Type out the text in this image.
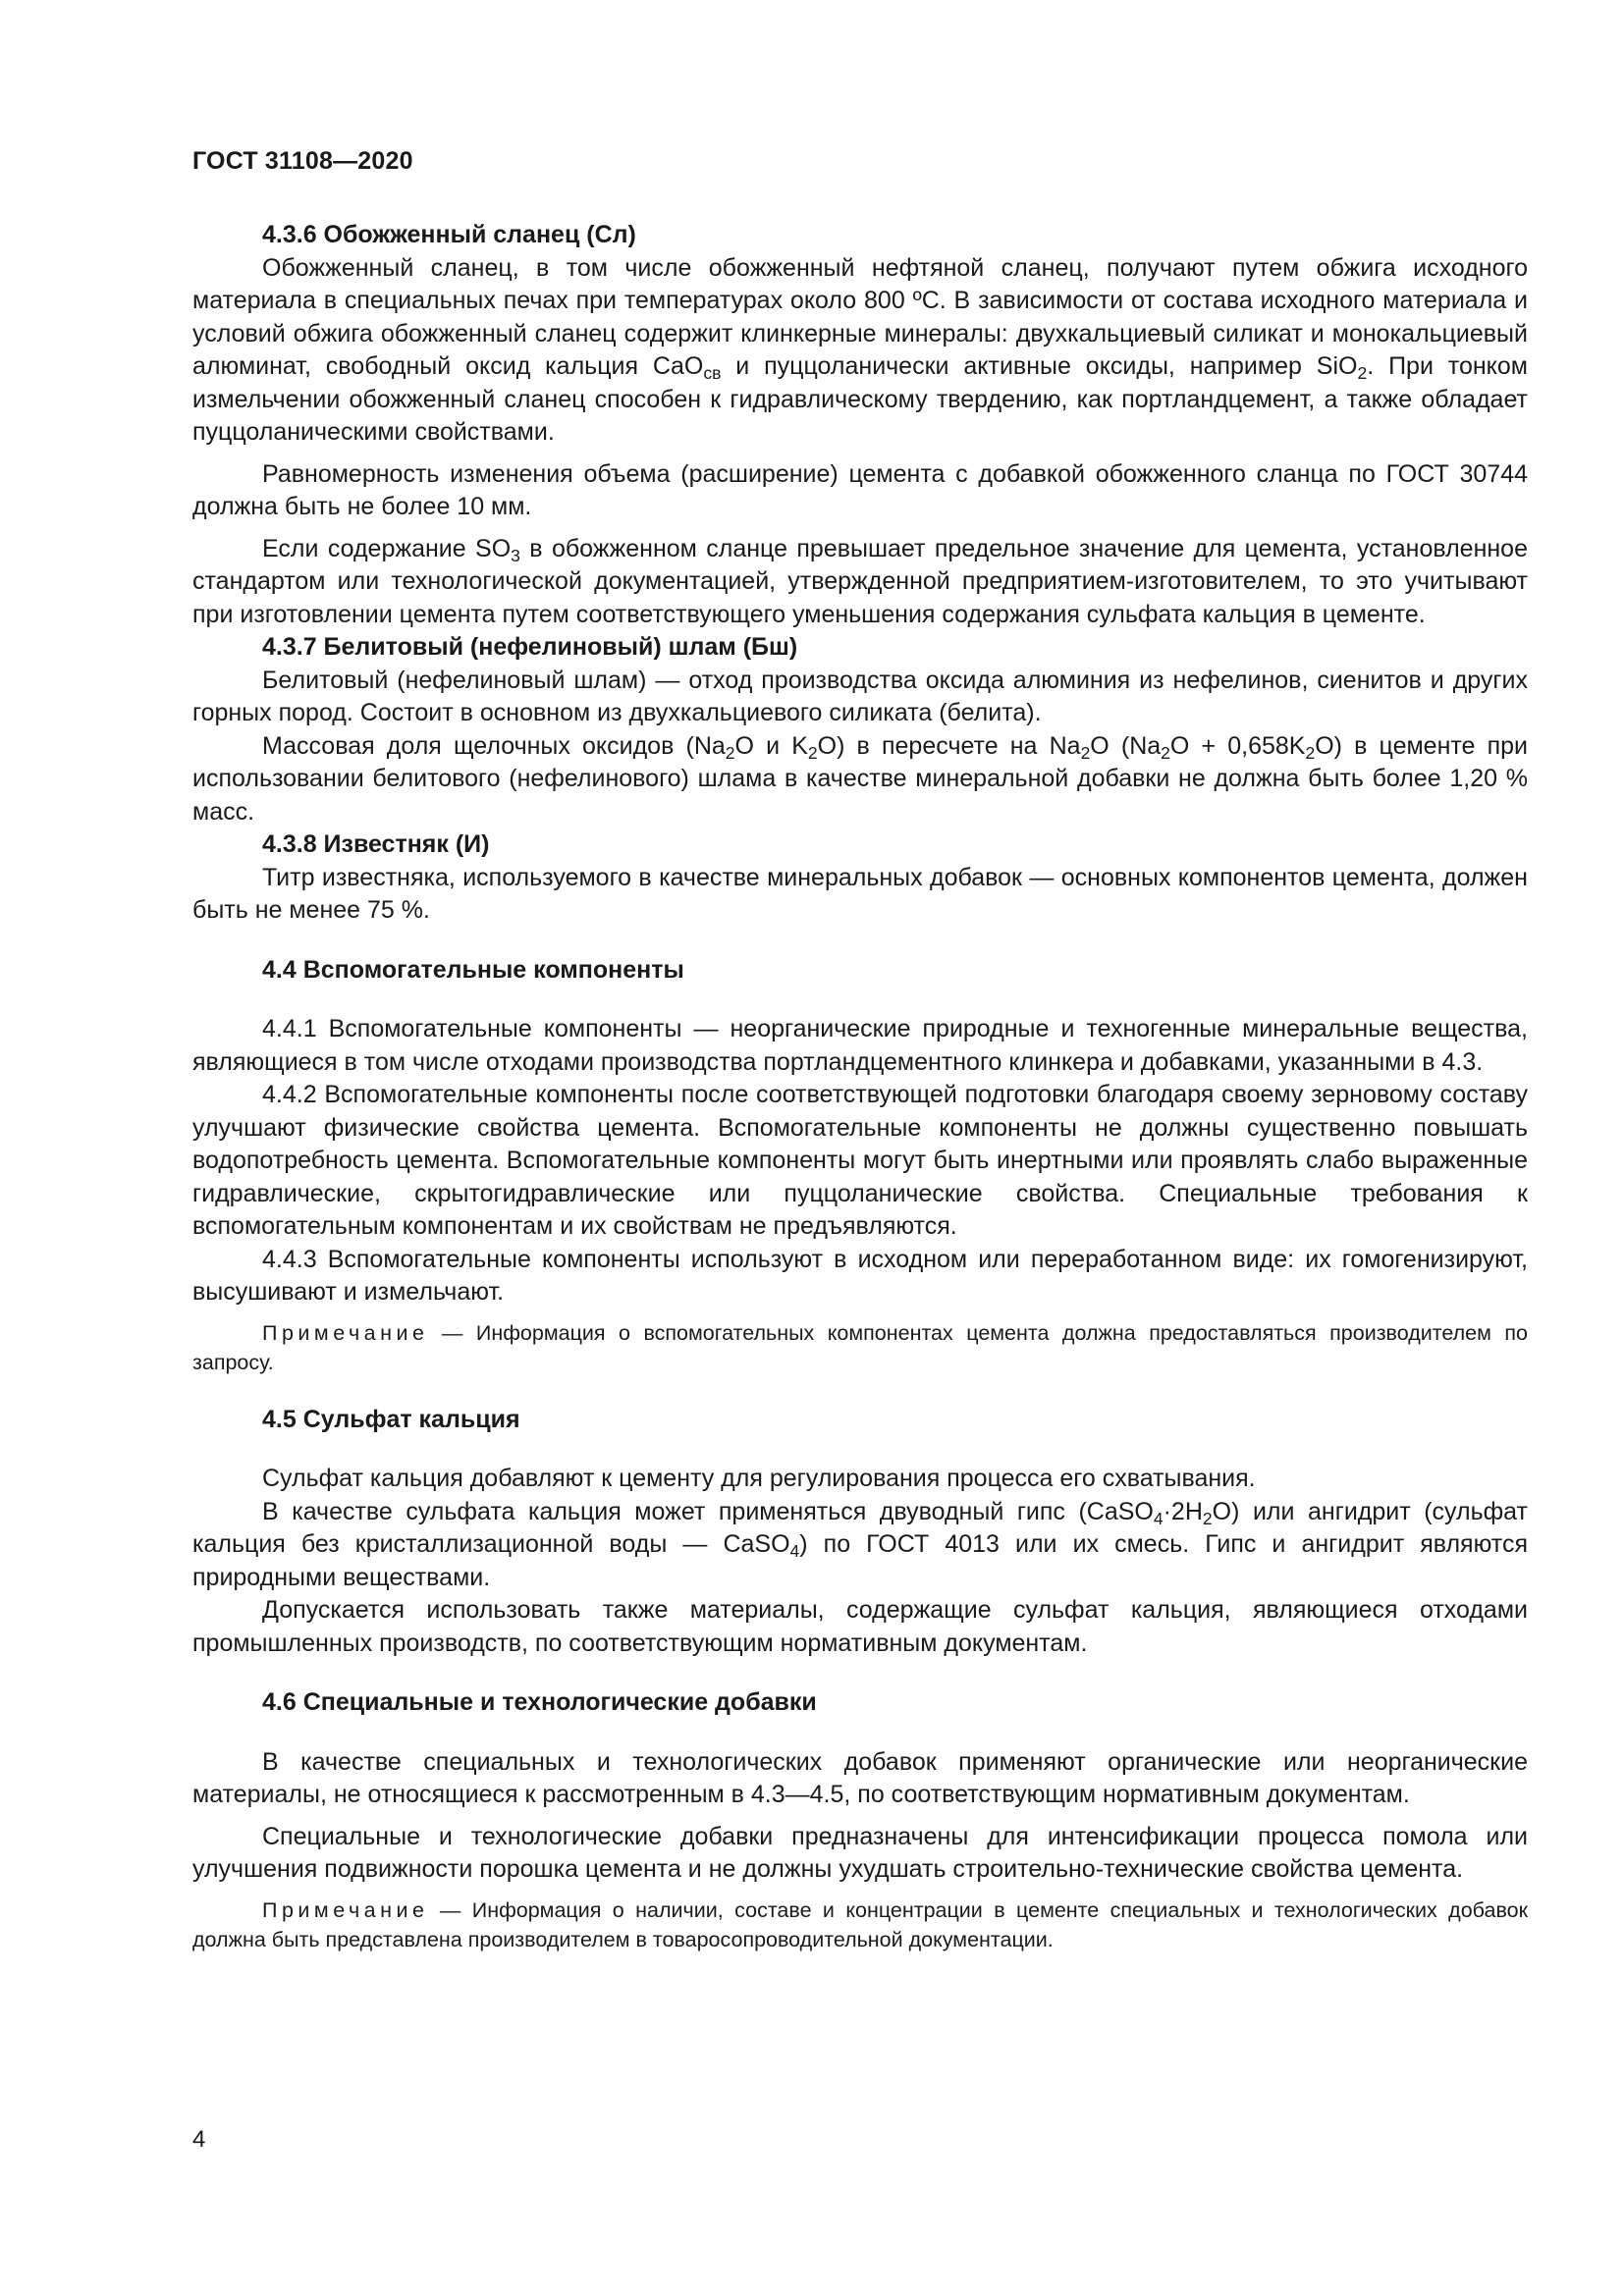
ГОСТ 31108—2020

4.3.6 Обожженный сланец (Сл)

Обожженный сланец, в том числе обожженный нефтяной сланец, получают путем обжига исходного материала в специальных печах при температурах около 800 ºС. В зависимости от состава исходного материала и условий обжига обожженный сланец содержит клинкерные минералы: двухкальциевый силикат и монокальциевый алюминат, свободный оксид кальция CaO$_{св}$ и пуццоланически активные оксиды, например SiO$_2$. При тонком измельчении обожженный сланец способен к гидравлическому твердению, как портландцемент, а также обладает пуццоланическими свойствами.

Равномерность изменения объема (расширение) цемента с добавкой обожженного сланца по ГОСТ 30744 должна быть не более 10 мм.

Если содержание $SO_3$ в обожженном сланце превышает предельное значение для цемента, установленное стандартом или технологической документацией, утвержденной предприятием-изготовителем, то это учитывают при изготовлении цемента путем соответствующего уменьшения содержания сульфата кальция в цементе.

4.3.7 Белитовый (нефелиновый) шлам (Бш)

Белитовый (нефелиновый шлам) — отход производства оксида алюминия из нефелинов, сиенитов и других горных пород. Состоит в основном из двухкальциевого силиката (белита).

Массовая доля щелочных оксидов ($Na_2O$ и $K_2O$) в пересчете на $Na_2O$ $(Na_2O + 0,658K_2O)$ в цементе при использовании белитового (нефелинового) шлама в качестве минеральной добавки не должна быть более 1,20 % масс.

4.3.8 Известняк (И)

Титр известняка, используемого в качестве минеральных добавок — основных компонентов цемента, должен быть не менее 75 %.

4.4 Вспомогательные компоненты

4.4.1 Вспомогательные компоненты — неорганические природные и техногенные минеральные вещества, являющиеся в том числе отходами производства портландцементного клинкера и добавками, указанными в 4.3.

4.4.2 Вспомогательные компоненты после соответствующей подготовки благодаря своему зерновому составу улучшают физические свойства цемента. Вспомогательные компоненты не должны существенно повышать водопотребность цемента. Вспомогательные компоненты могут быть инертными или проявлять слабо выраженные гидравлические, скрытогидравлические или пуццоланические свойства. Специальные требования к вспомогательным компонентам и их свойствам не предъявляются.

4.4.3 Вспомогательные компоненты используют в исходном или переработанном виде: их гомогенизируют, высушивают и измельчают.

Примечание — Информация о вспомогательных компонентах цемента должна предоставляться производителем по запросу.

4.5 Сульфат кальция

Сульфат кальция добавляют к цементу для регулирования процесса его схватывания.

В качестве сульфата кальция может применяться двуводный гипс $(CaSO_4\cdot 2H_2O)$ или ангидрит (сульфат кальция без кристаллизационной воды — CaSO$_4$) по ГОСТ 4013 или их смесь. Гипс и ангидрит являются природными веществами.

Допускается использовать также материалы, содержащие сульфат кальция, являющиеся отходами промышленных производств, по соответствующим нормативным документам.

4.6 Специальные и технологические добавки

В качестве специальных и технологических добавок применяют органические или неорганические материалы, не относящиеся к рассмотренным в 4.3—4.5, по соответствующим нормативным документам.

Специальные и технологические добавки предназначены для интенсификации процесса помола или улучшения подвижности порошка цемента и не должны ухудшать строительно-технические свойства цемента.

Примечание — Информация о наличии, составе и концентрации в цементе специальных и технологических добавок должна быть представлена производителем в товаросопроводительной документации.

4
